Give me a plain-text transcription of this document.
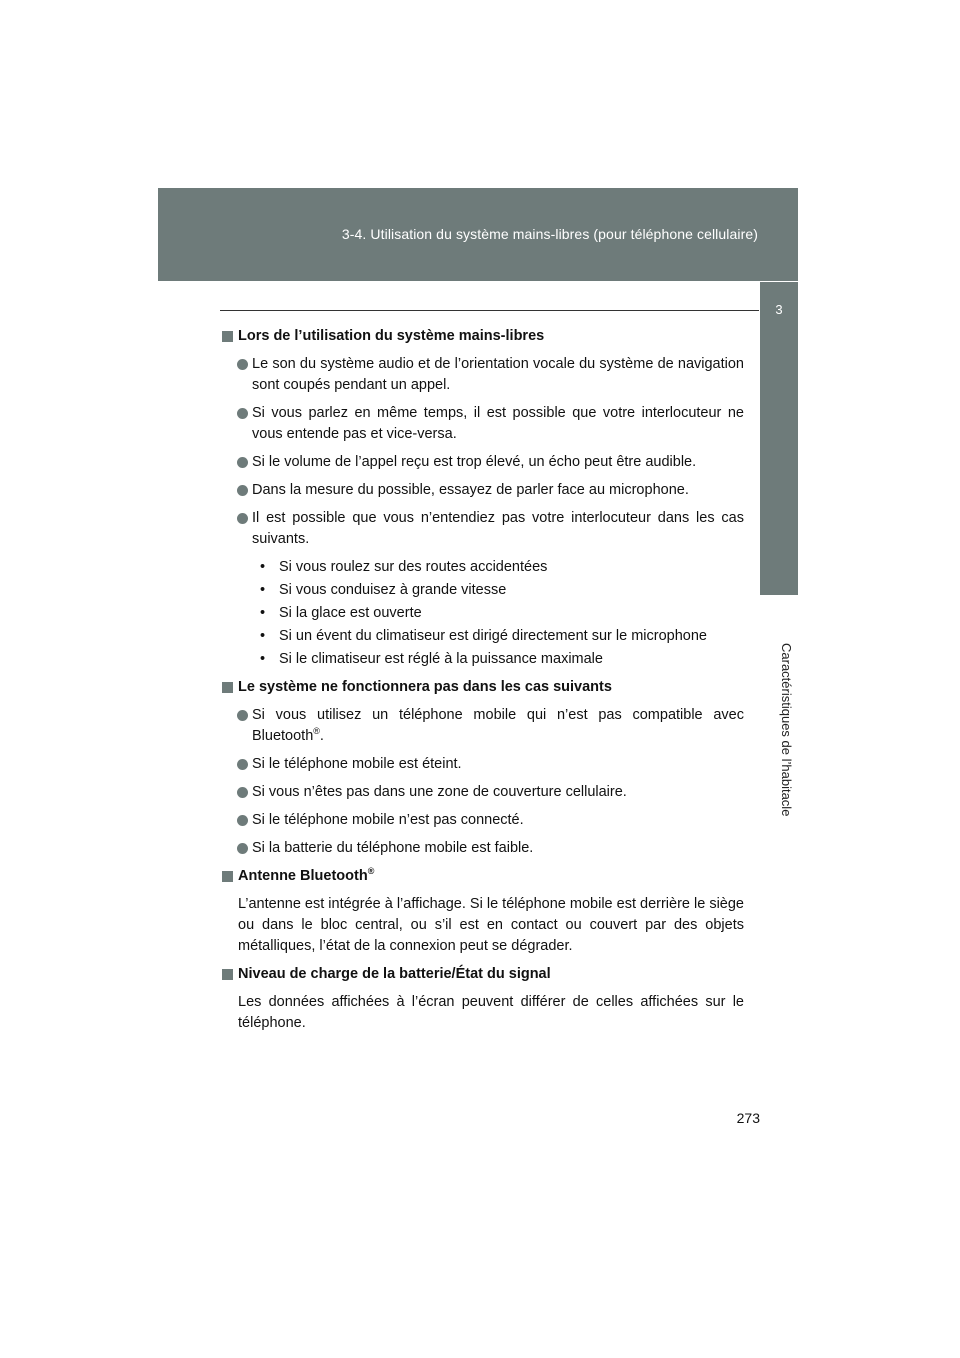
3-4. Utilisation du système mains-libres (pour téléphone cellulaire)
3
Caractéristiques de l’habitacle
Lors de l’utilisation du système mains-libres
Le son du système audio et de l’orientation vocale du système de navigation sont coupés pendant un appel.
Si vous parlez en même temps, il est possible que votre interlocuteur ne vous entende pas et vice-versa.
Si le volume de l’appel reçu est trop élevé, un écho peut être audible.
Dans la mesure du possible, essayez de parler face au microphone.
Il est possible que vous n’entendiez pas votre interlocuteur dans les cas suivants.
• Si vous roulez sur des routes accidentées
• Si vous conduisez à grande vitesse
• Si la glace est ouverte
• Si un évent du climatiseur est dirigé directement sur le microphone
• Si le climatiseur est réglé à la puissance maximale
Le système ne fonctionnera pas dans les cas suivants
Si vous utilisez un téléphone mobile qui n’est pas compatible avec Bluetooth®.
Si le téléphone mobile est éteint.
Si vous n’êtes pas dans une zone de couverture cellulaire.
Si le téléphone mobile n’est pas connecté.
Si la batterie du téléphone mobile est faible.
Antenne Bluetooth®
L’antenne est intégrée à l’affichage. Si le téléphone mobile est derrière le siège ou dans le bloc central, ou s’il est en contact ou couvert par des objets métalliques, l’état de la connexion peut se dégrader.
Niveau de charge de la batterie/État du signal
Les données affichées à l’écran peuvent différer de celles affichées sur le téléphone.
273
